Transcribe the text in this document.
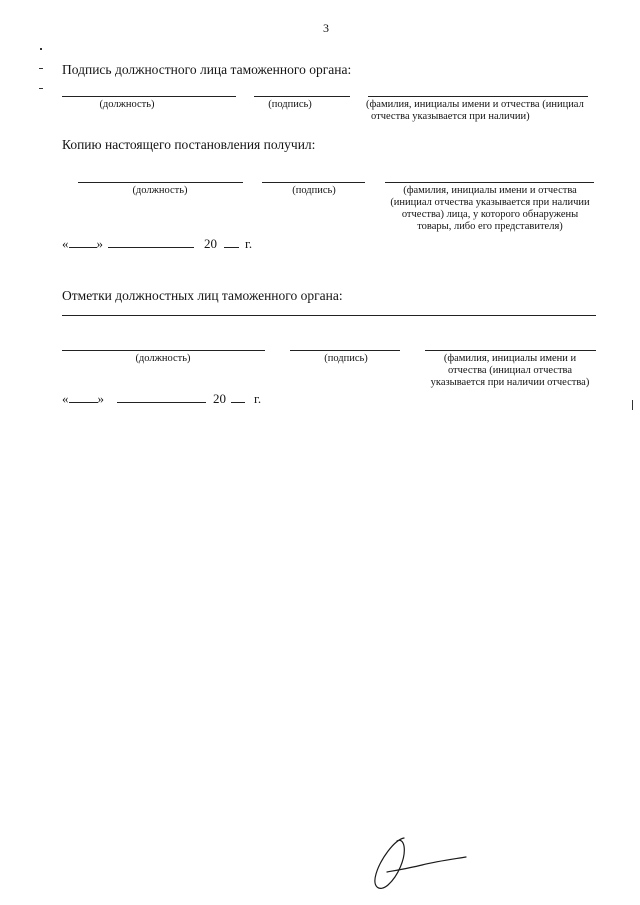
3
Подпись должностного лица таможенного органа:
(должность)	(подпись)	(фамилия, инициалы имени и отчества (инициал
отчества указывается при наличии)
Копию настоящего постановления получил:
(должность)	(подпись)	(фамилия, инициалы имени и отчества
(инициал отчества указывается при наличии
отчества) лица, у которого обнаружены
товары, либо его представителя)
« »	20 г.
Отметки должностных лиц таможенного органа:
(должность)	(подпись)	(фамилия, инициалы имени и
отчества (инициал отчества
указывается при наличии отчества)
« »	20 г.
